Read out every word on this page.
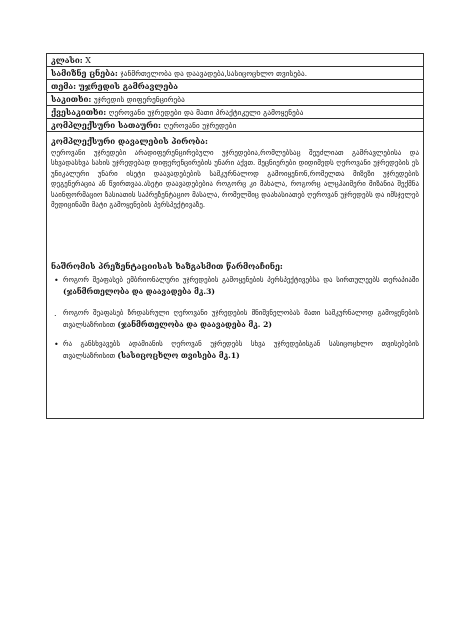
კლასი: X
სამიზნე ცნება: ჯანმრთელობა და დაავადება,სასიცოცხლო თვისება.
თემა: უჯრედის გამრავლება
საკითხი: უჯრედის დიფერენცირება
ქვესაკითხი: ღეროვანი უჯრედები და მათი პრაქტიკული გამოყენება
კომპლექსური სათაური: ღეროვანი უჯრედები
კომპლექსური დავალების პირობა:
ღეროვანი უჯრედები არადიფერენცირებული უჯრედებია,რომლებსაც შეუძლიათ გამრავლებისა და სხვადასხვა სახის უჯრედებად დიფერენცირების უნარი აქვთ. მეცნიერები დიდიმედს ღეროვანი უჯრედების ეს უნიკალური უნარი ისეტი დაავადებების სამკურნალოდ გამოიყენონ,რომელთა მიზეზი უჯრედების დეგენერაცია ან წვირთვაა.ასეტი დაავადებებია როგორც კი მახალა, როგორც ალცჰაიმერი მიზანია შექმნა საინფორმაციო ზასიათის საპრეზენტაციო მასალა, რომელშიც დაახასიათებ ღეროვან უჯრედებს და იმსჯელებ მედიცინაში მატი გამოყენების პერსპექტივაზე.
ნაშრომის პრეზენტაციისას ხაზგასმით წარმოაჩინე:
• როგორ შეაფასებ ემბრიონალური უჯრედების გამოყენების პერსპექტივებსა და სირთულეებს თერაპიაში (ჯანმრთელობა და დაავადება მკ.3)
. როგორ შეაფასებ ზრდასრული ღეროვანი უჯრედების მნიშვნელობას მათი სამკურნალოდ გამოყენების თვალსაზრისით (ჯანმრთელობა და დაავადება მკ. 2)
• რა განსხვავებს ადამიანის ღეროვან უჯრედებს სხვა უჯრედებისგან სასიცოცხლო თვისებების თვალსაზრისით (სასიცოცხლო თვისება მკ.1)
